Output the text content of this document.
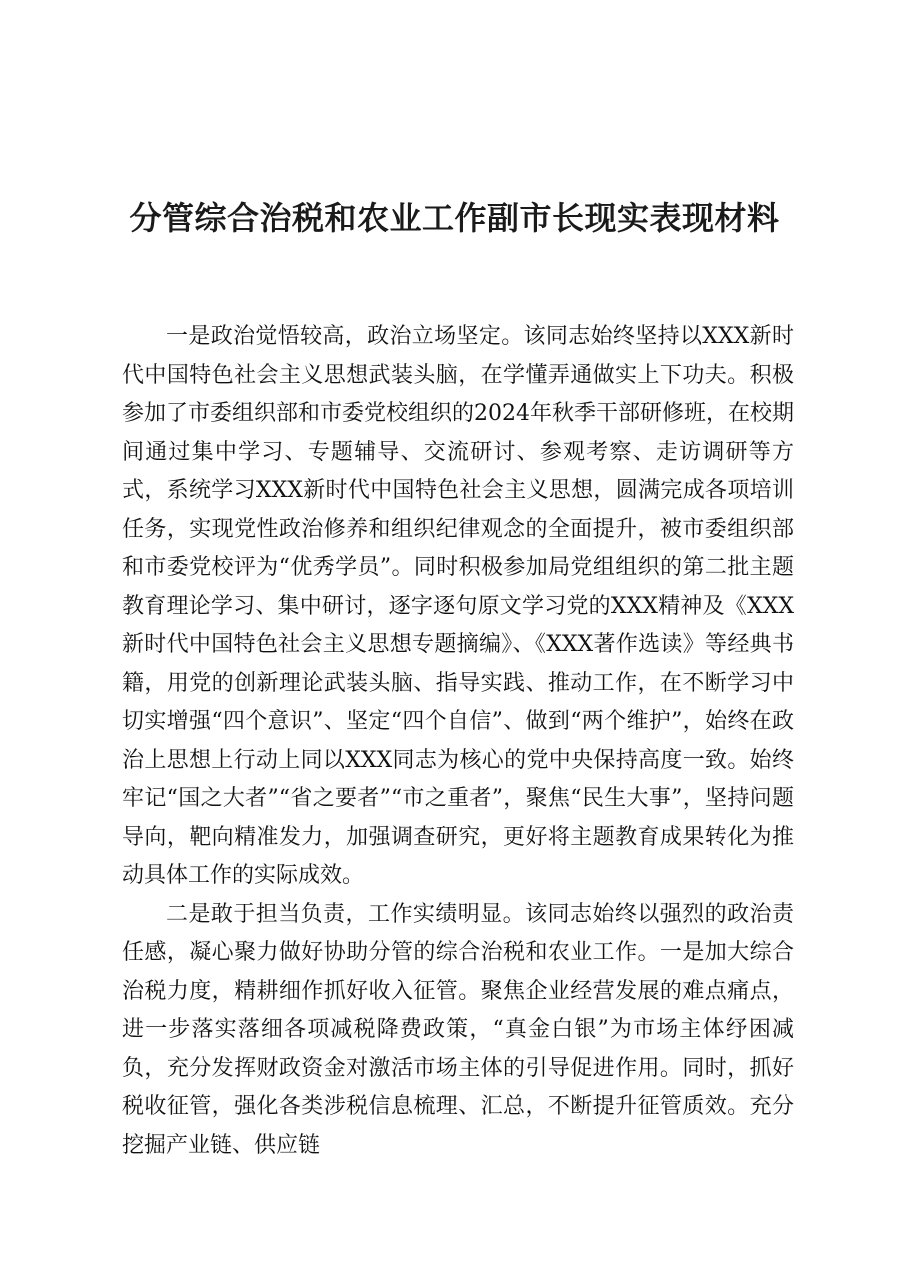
分管综合治税和农业工作副市长现实表现材料

一是政治觉悟较高，政治立场坚定。该同志始终坚持以XXX新时代中国特色社会主义思想武装头脑，在学懂弄通做实上下功夫。积极参加了市委组织部和市委党校组织的2024年秋季干部研修班，在校期间通过集中学习、专题辅导、交流研讨、参观考察、走访调研等方式，系统学习XXX新时代中国特色社会主义思想，圆满完成各项培训任务，实现党性政治修养和组织纪律观念的全面提升，被市委组织部和市委党校评为“优秀学员”。同时积极参加局党组组织的第二批主题教育理论学习、集中研讨，逐字逐句原文学习党的XXX精神及《XXX新时代中国特色社会主义思想专题摘编》、《XXX著作选读》等经典书籍，用党的创新理论武装头脑、指导实践、推动工作，在不断学习中切实增强“四个意识”、坚定“四个自信”、做到“两个维护”，始终在政治上思想上行动上同以XXX同志为核心的党中央保持高度一致。始终牢记“国之大者”“省之要者”“市之重者”，聚焦“民生大事”，坚持问题导向，靶向精准发力，加强调查研究，更好将主题教育成果转化为推动具体工作的实际成效。

二是敢于担当负责，工作实绩明显。该同志始终以强烈的政治责任感，凝心聚力做好协助分管的综合治税和农业工作。一是加大综合治税力度，精耕细作抓好收入征管。聚焦企业经营发展的难点痛点，进一步落实落细各项减税降费政策，“真金白银”为市场主体纾困减负，充分发挥财政资金对激活市场主体的引导促进作用。同时，抓好税收征管，强化各类涉税信息梳理、汇总，不断提升征管质效。充分挖掘产业链、供应链
